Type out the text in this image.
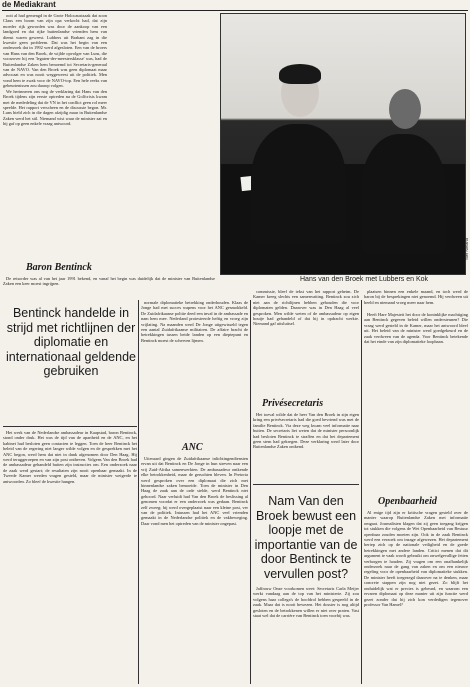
de Mediakrant

ooit al had gemengd in de Grote Holocaustzaak dat zoon Claus een boom van zijn opa verkocht had, dat zijn moeder rijk geworden was door de aankoop van een landgoed en dat rijke buitenlandse vrienden hem van dienst waren geweest. Lubbers uit Brabant zag in die kwestie geen probleem. Dat was het begin van een onderzoek dat in 1992 werd afgesloten. Een van de broers van Hans van den Broek, de wijlde opvolger van Luns, die voorzover hij een 'legaten-der-meestersklasse' was, had de Buitenlandse Zaken hem benoemd tot Secretaris-generaal van de NAVO. Van den Broek was geen diplomaat maar advocaat en was nooit weggeweest uit de politiek. Men vond hem te zwak voor de NAVO-top. Een hele reeks van gebeurtenissen zou daarop volgen.

We herinneren ons nog de verklaring dat Hans van den Broek tijdens zijn eerste optreden na de Golfcrisis kwam met de mededeling dat de VN in het conflict geen rol meer speelde. Het rapport verscheen en de discussie begon. Mr. Luns hield zich in die dagen afzijdig maar in Buitenlandse Zaken werd het stil. Niemand wist waar de minister zat en hij gaf op geen enkele vraag antwoord.

Baron Bentinck

De reisorder was al van het jaar 1991 bekend, en vanaf het begin was duidelijk dat de minister van Buitenlandse Zaken een keer moest ingrijpen.

Bentinck handelde in strijd met richtlijnen der diplomatie en internationaal geldende gebruiken

Het werk van de Nederlandse ambassadeur in Kaapstad, baron Bentinck, stond onder druk. Het was de tijd van de apartheid en de ANC, en het kabinet had besloten geen contacten te leggen. Toen de heer Bentinck het beleid van de regering niet langer wilde volgen en de gesprekken met het ANC begon, werd hem dat niet in dank afgenomen door Den Haag. Hij werd teruggeroepen en van zijn post ontheven. Volgens Van den Broek had de ambassadeur gehandeld buiten zijn instructies om. Een onderzoek naar de zaak werd gestart; de resultaten zijn nooit openbaar gemaakt. In de Tweede Kamer werden vragen gesteld, maar de minister weigerde te antwoorden. Zo bleef de kwestie hangen.

normale diplomatieke betrekking onderhouden. Klaas de Jonge had met succes wapens voor het ANC gesmokkeld. De Zuidafrikaanse politie deed een inval in de ambassade en nam hem mee. Nederland protesteerde heftig en vroeg zijn vrijlating. Na maanden werd De Jonge uitgewisseld tegen een aantal Zuidafrikaanse militairen. De affaire bracht de betrekkingen tussen beide landen op een dieptepunt en Bentinck moest de scherven lijmen.

ANC

Uiteraard gingen de Zuidafrikaanse inlichtingendiensten ervan uit dat Bentinck en De Jonge in hun streven naar een vrij Zuid-Afrika samenwerkten. De ambassadeur ontkende elke betrokkenheid, maar de geruchten bleven. In Pretoria werd gesproken over een diplomaat die zich met binnenlandse zaken bemoeide. Toen de minister in Den Haag de zaak aan de orde stelde, werd Bentinck niet gehoord. Naar verluidt had Van den Broek de beslissing al genomen voordat er een onderzoek was gedaan. Bentinck zelf zweeg; hij werd overgeplaatst naar een kleine post, ver van de politiek. Intussen had het ANC veel vrienden gemaakt in de Nederlandse politiek en de vakbeweging. Daar vond men het optreden van de minister ongepast.

Stef Nieland
Hans van den Broek met Lubbers en Kok

commissie, bleef de tekst van het rapport geheim. De Kamer kreeg slechts een samenvatting. Bentinck zou zich niet aan de richtlijnen hebben gehouden die voor diplomaten gelden. Daarover was in Den Haag al veel gesproken. Men wilde weten of de ambassadeur op eigen houtje had gehandeld of dat hij in opdracht werkte. Niemand gaf uitsluitsel.

Privésecretaris

Het toeval wilde dat de heer Van den Broek in zijn eigen kring een privésecretaris had die goed bevriend was met de familie Bentinck. Via deze weg kwam veel informatie naar buiten. De secretaris liet weten dat de minister persoonlijk had besloten Bentinck te straffen en dat het departement geen stem had gekregen. Deze verklaring werd later door Buitenlandse Zaken ontkend.

Nam Van den Broek bewust een loopje met de importantie van de door Bentinck te vervullen post?

Jaffrouw Onze voorkomen weet: Secretaris Carla Meijer werkt vandaag aan de top van het ministerie. Zij zou volgens haar collega's de hoofdrol hebben gespeeld in de zaak. Maar dat is nooit bewezen. Het dossier is nog altijd gesloten en de betrokkenen willen er niet over praten. Vast staat wel dat de carrière van Bentinck toen voorbij was.

plaatsen binnen een enkele maand, en toch werd de baron bij de besprekingen niet genoemd. Hij verdween uit beeld en niemand vroeg meer naar hem.

Heeft Hare Majesteit het door de koninklijke machtiging aan Bentinck gegeven beleid willen ondersteunen? Die vraag werd gesteld in de Kamer, maar het antwoord bleef uit. Het beleid van de minister werd goedgekeurd en de zaak verdween van de agenda. Voor Bentinck betekende dat het einde van zijn diplomatieke loopbaan.

Openbaarheid

Al enige tijd zijn er kritische vragen gesteld over de manier waarop Buitenlandse Zaken met informatie omgaat. Journalisten klagen dat zij geen toegang krijgen tot stukken die volgens de Wet Openbaarheid van Bestuur openbaar zouden moeten zijn. Ook in de zaak Bentinck werd een verzoek om inzage afgewezen. Het departement beriep zich op de nationale veiligheid en de goede betrekkingen met andere landen. Critici menen dat dit argument te vaak wordt gebruikt om onwelgevallige feiten verborgen te houden. Zij vragen om een onafhankelijk onderzoek naar de gang van zaken en om een nieuwe regeling voor de openbaarheid van diplomatieke stukken. De minister heeft toegezegd daarover na te denken, maar concrete stappen zijn nog niet gezet. Zo blijft het onduidelijk wat er precies is gebeurd, en waarom een ervaren diplomaat op deze manier uit zijn functie werd gezet zonder dat hij zich kon verdedigen tegenover professor Van Hamel?
